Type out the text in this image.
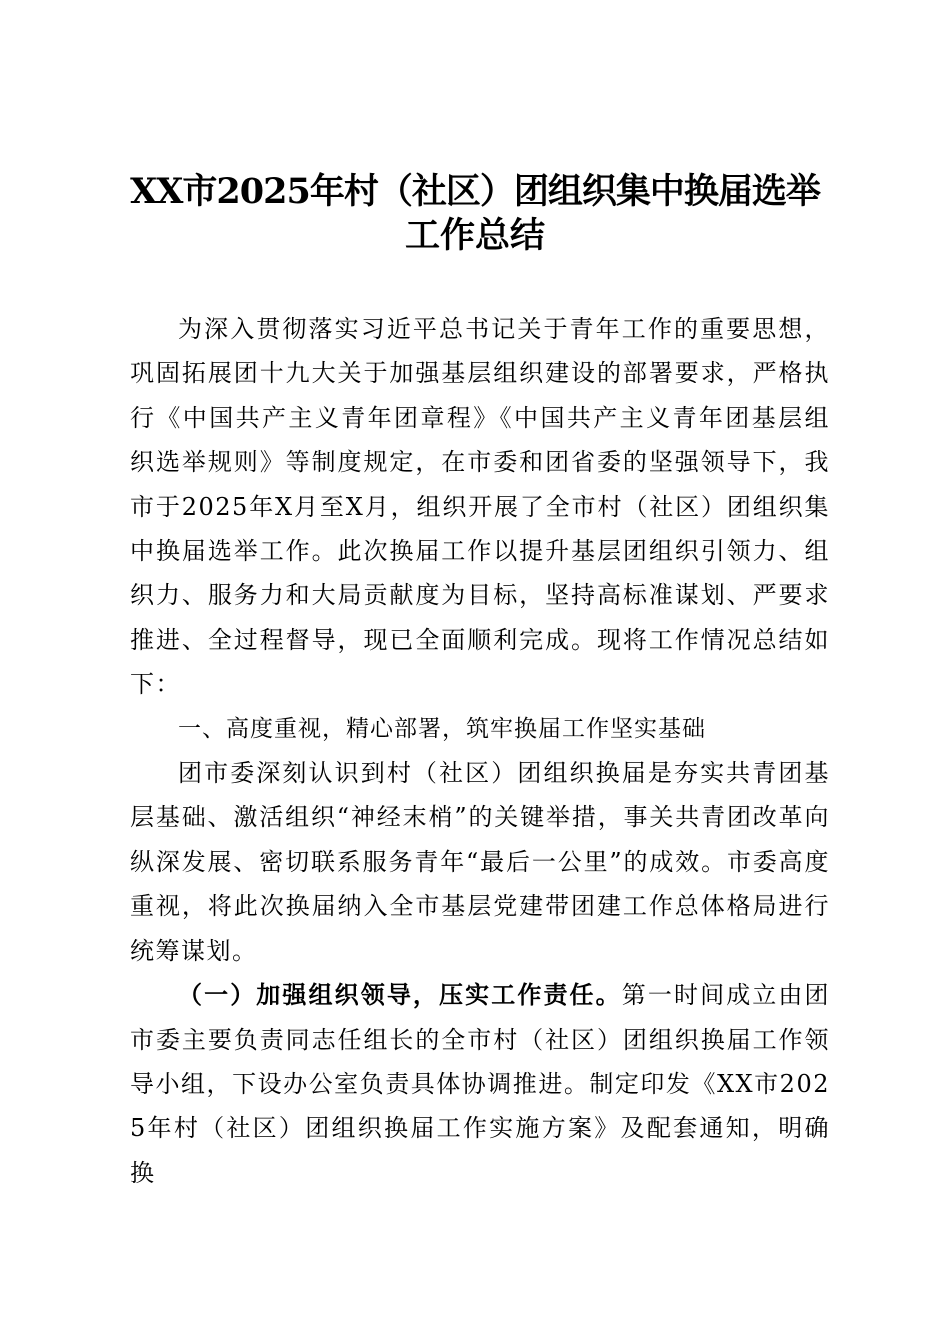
XX市2025年村（社区）团组织集中换届选举
工作总结

为深入贯彻落实习近平总书记关于青年工作的重要思想，巩固拓展团十九大关于加强基层组织建设的部署要求，严格执行《中国共产主义青年团章程》《中国共产主义青年团基层组织选举规则》等制度规定，在市委和团省委的坚强领导下，我市于2025年X月至X月，组织开展了全市村（社区）团组织集中换届选举工作。此次换届工作以提升基层团组织引领力、组织力、服务力和大局贡献度为目标，坚持高标准谋划、严要求推进、全过程督导，现已全面顺利完成。现将工作情况总结如下：

一、高度重视，精心部署，筑牢换届工作坚实基础

团市委深刻认识到村（社区）团组织换届是夯实共青团基层基础、激活组织“神经末梢”的关键举措，事关共青团改革向纵深发展、密切联系服务青年“最后一公里”的成效。市委高度重视，将此次换届纳入全市基层党建带团建工作总体格局进行统筹谋划。

（一）加强组织领导，压实工作责任。第一时间成立由团市委主要负责同志任组长的全市村（社区）团组织换届工作领导小组，下设办公室负责具体协调推进。制定印发《XX市2025年村（社区）团组织换届工作实施方案》及配套通知，明确换
